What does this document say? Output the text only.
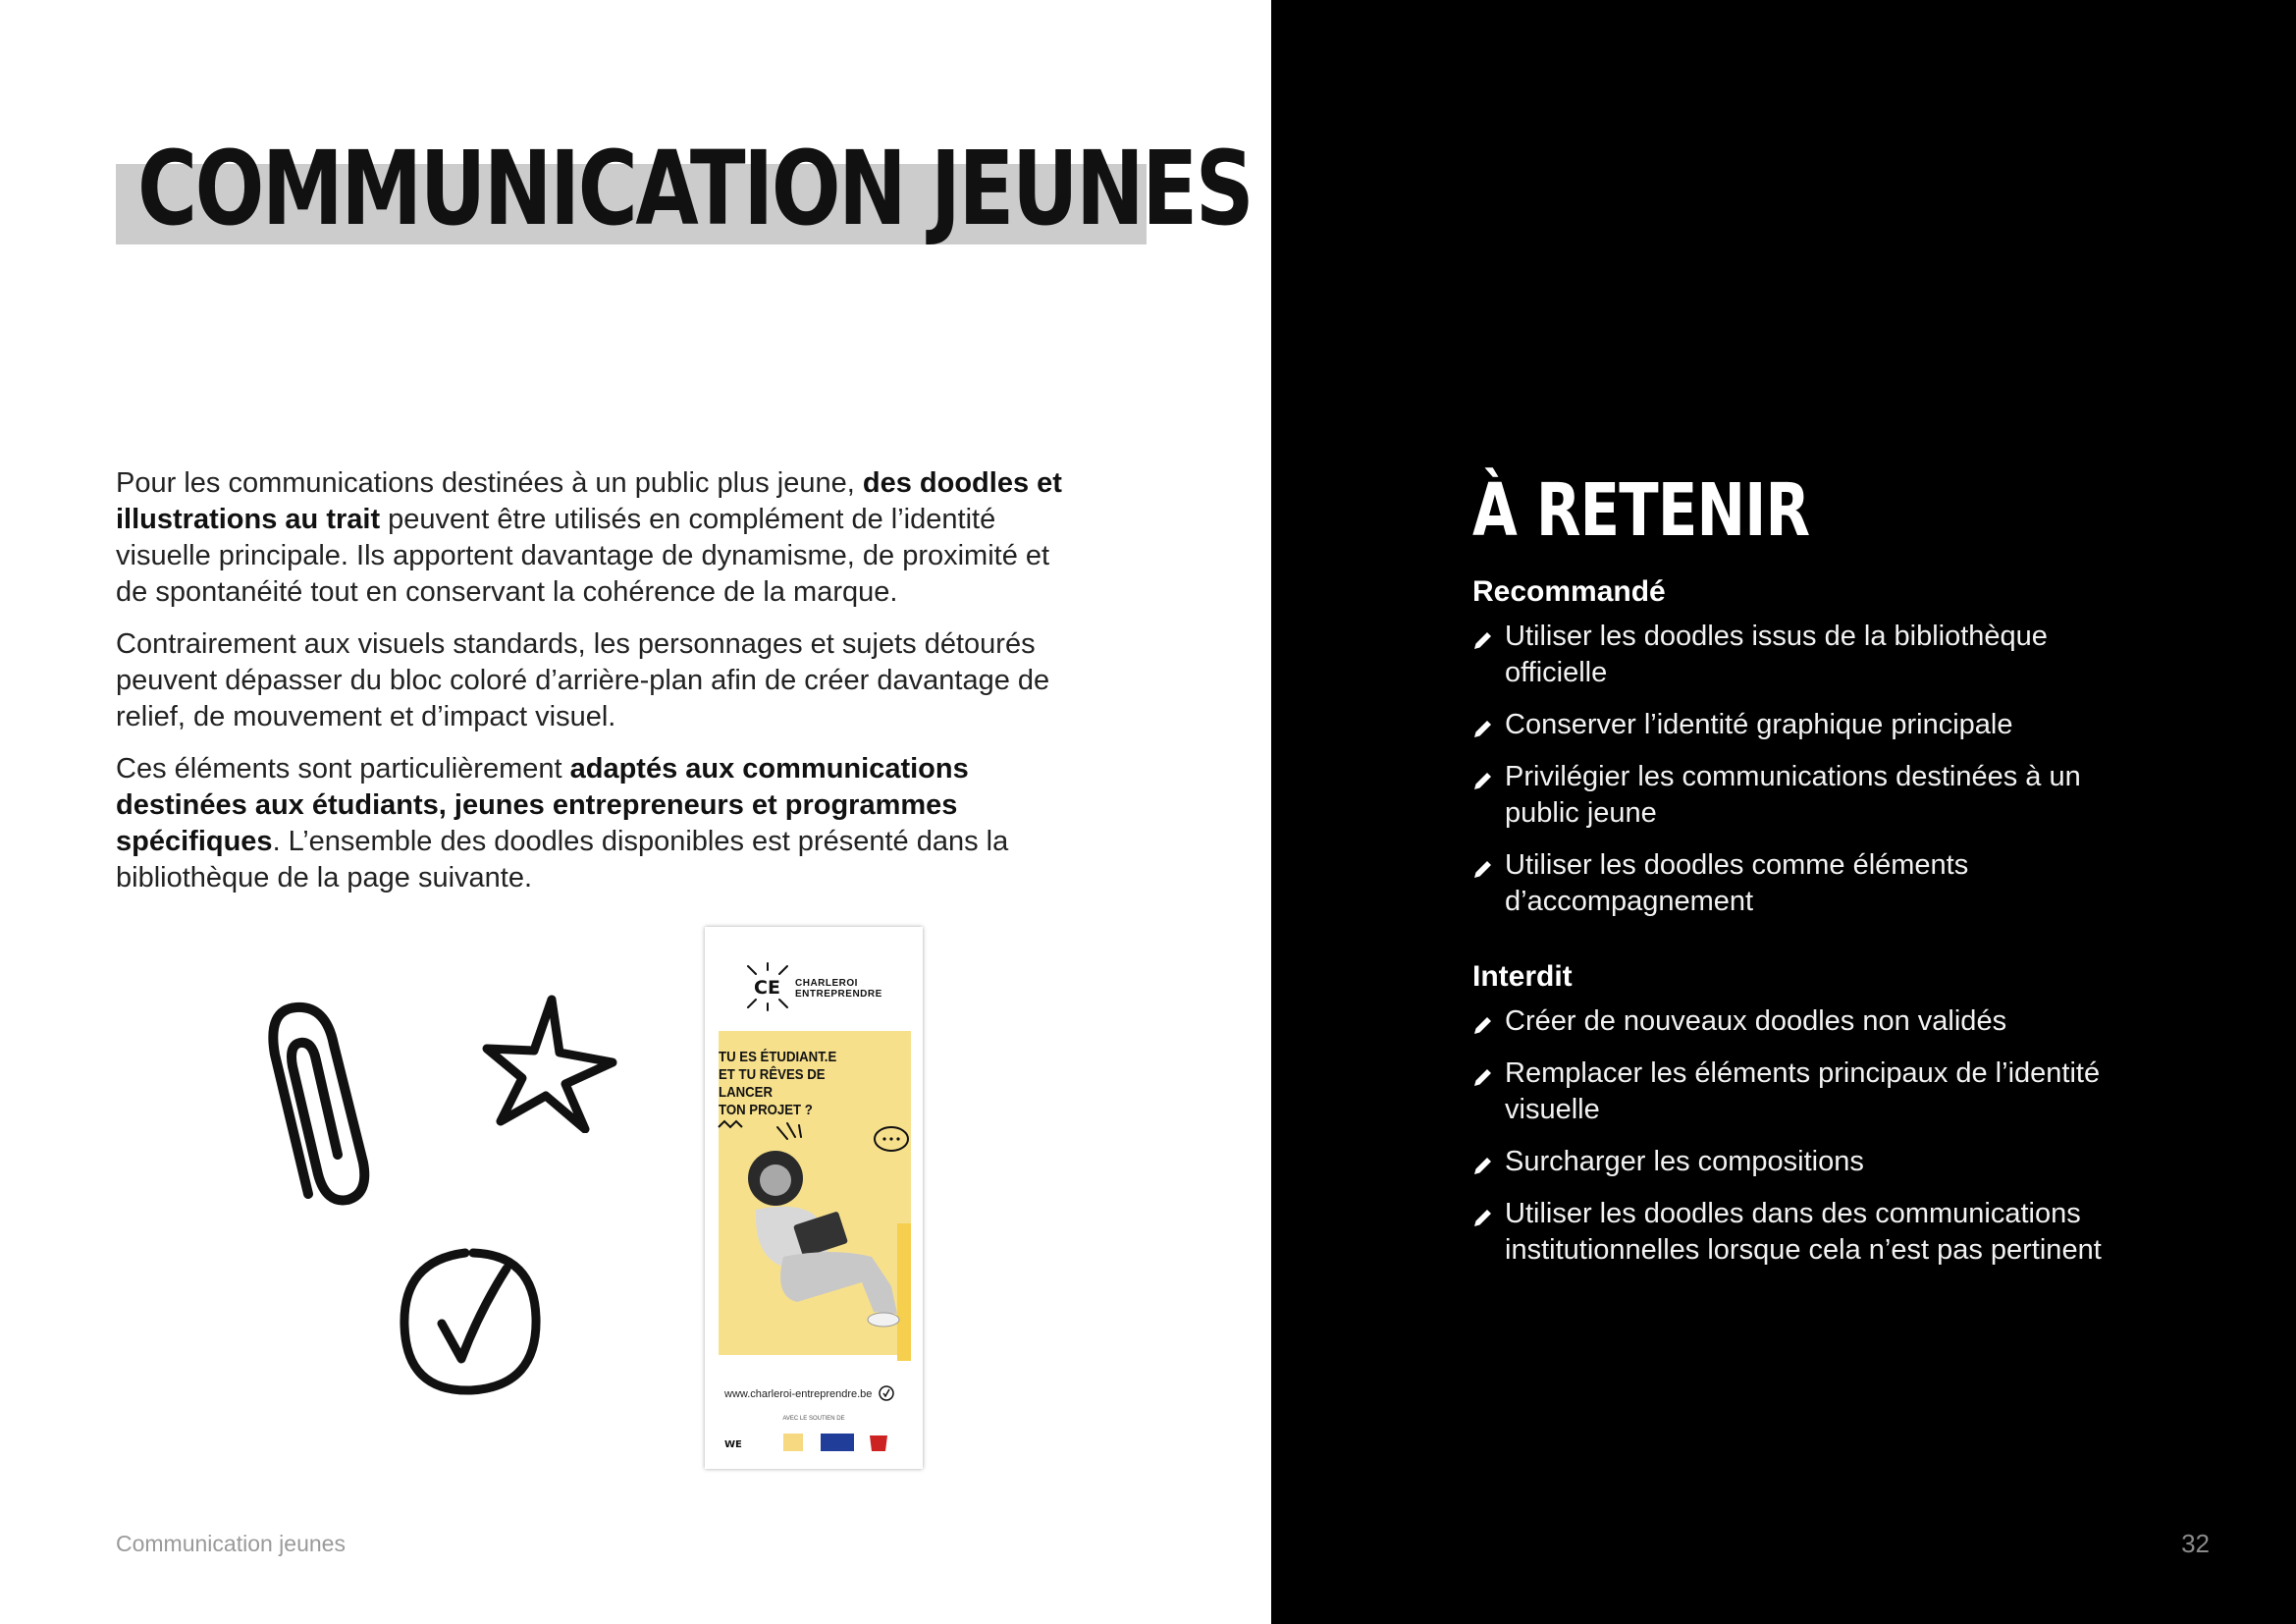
COMMUNICATION JEUNES

Pour les communications destinées à un public plus jeune, des doodles et illustrations au trait peuvent être utilisés en complément de l’identité visuelle principale. Ils apportent davantage de dynamisme, de proximité et de spontanéité tout en conservant la cohérence de la marque.

Contrairement aux visuels standards, les personnages et sujets détourés peuvent dépasser du bloc coloré d’arrière-plan afin de créer davantage de relief, de mouvement et d’impact visuel.

Ces éléments sont particulièrement adaptés aux communications destinées aux étudiants, jeunes entrepreneurs et programmes spécifiques. L’ensemble des doodles disponibles est présenté dans la bibliothèque de la page suivante.

CE CHARLEROI
ENTREPRENDRE
TU ES ÉTUDIANT.E
ET TU RÊVES DE LANCER
TON PROJET ?
www.charleroi-entreprendre.be
AVEC LE SOUTIEN DE
WE
Communication jeunes
À RETENIR
Recommandé
Utiliser les doodles issus de la bibliothèque officielle
Conserver l’identité graphique principale
Privilégier les communications destinées à un public jeune
Utiliser les doodles comme éléments d’accompagnement
Interdit
Créer de nouveaux doodles non validés
Remplacer les éléments principaux de l’identité visuelle
Surcharger les compositions
Utiliser les doodles dans des communications institutionnelles lorsque cela n’est pas pertinent
32
